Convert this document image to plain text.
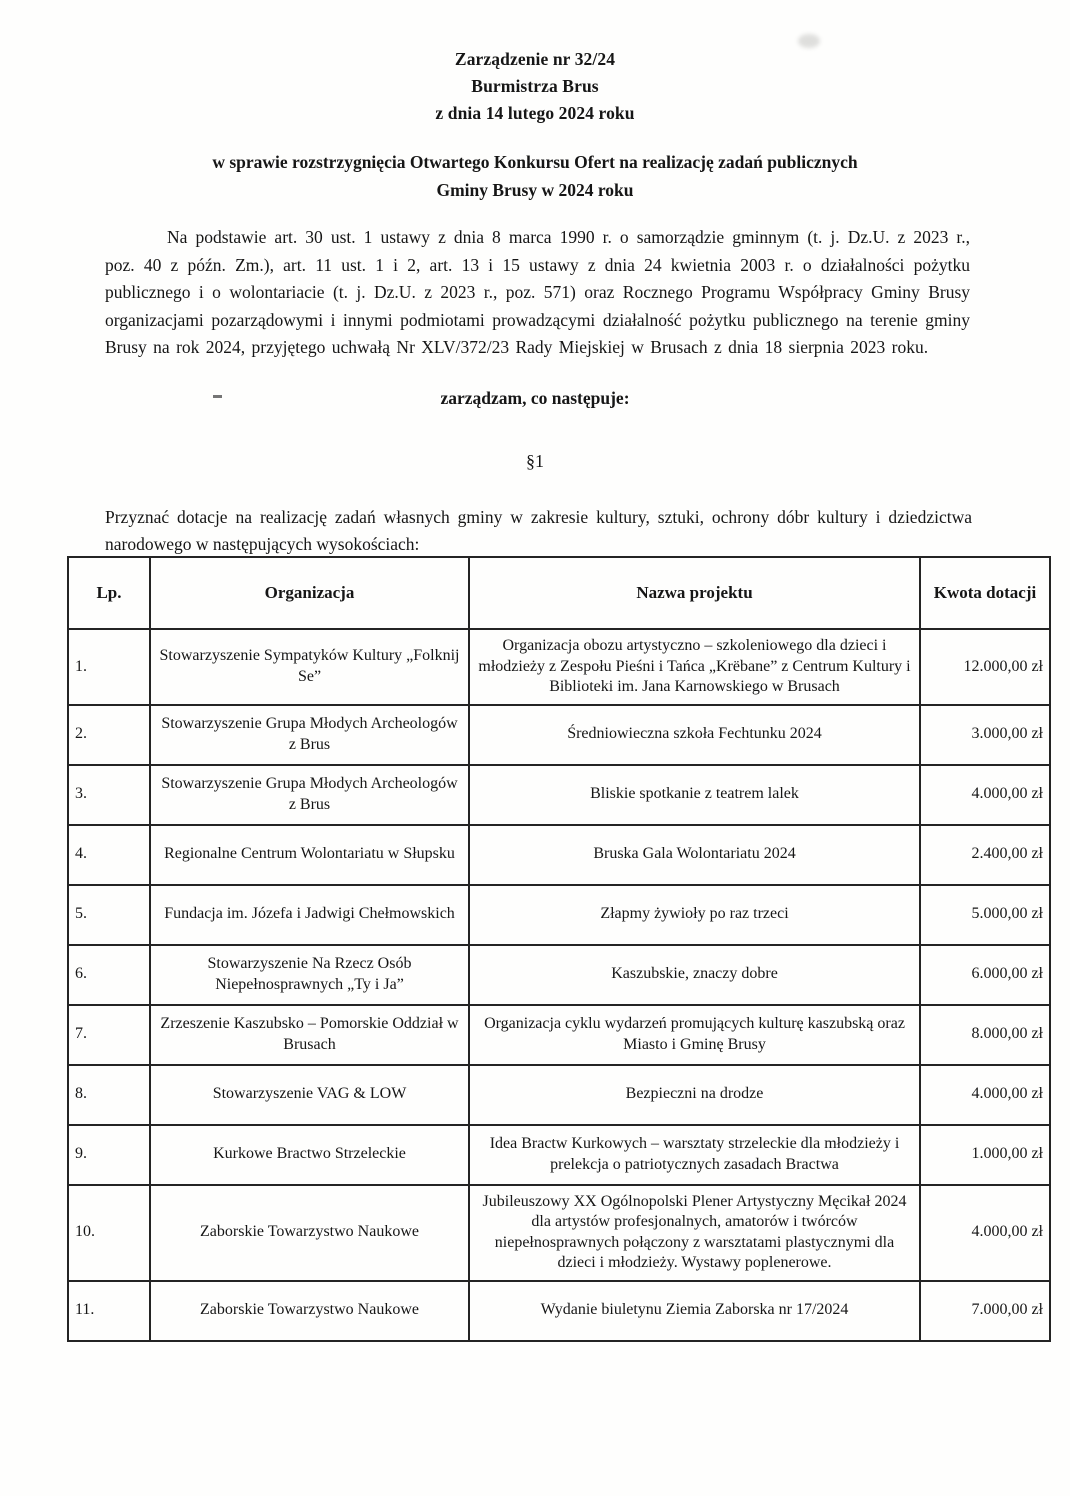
Zarządzenie nr 32/24
Burmistrza Brus
z dnia 14 lutego 2024 roku
w sprawie rozstrzygnięcia Otwartego Konkursu Ofert na realizację zadań publicznych
Gminy Brusy w 2024 roku

Na podstawie art. 30 ust. 1 ustawy z dnia 8 marca 1990 r. o samorządzie gminnym (t. j. Dz.U. z 2023 r., poz. 40 z późn. Zm.), art. 11 ust. 1 i 2, art. 13 i 15 ustawy z dnia 24 kwietnia 2003 r. o działalności pożytku publicznego i o wolontariacie (t. j. Dz.U. z 2023 r., poz. 571) oraz Rocznego Programu Współpracy Gminy Brusy organizacjami pozarządowymi i innymi podmiotami prowadzącymi działalność pożytku publicznego na terenie gminy Brusy na rok 2024, przyjętego uchwałą Nr XLV/372/23 Rady Miejskiej w Brusach z dnia 18 sierpnia 2023 roku.

zarządzam, co następuje:
§1

Przyznać dotacje na realizację zadań własnych gminy w zakresie kultury, sztuki, ochrony dóbr kultury i dziedzictwa narodowego w następujących wysokościach:

Lp.	Organizacja	Nazwa projektu	Kwota dotacji
1.	Stowarzyszenie Sympatyków Kultury „Folknij Se”	Organizacja obozu artystyczno – szkoleniowego dla dzieci i młodzieży z Zespołu Pieśni i Tańca „Krëbane” z Centrum Kultury i Biblioteki im. Jana Karnowskiego w Brusach	12.000,00 zł
2.	Stowarzyszenie Grupa Młodych Archeologów z Brus	Średniowieczna szkoła Fechtunku 2024	3.000,00 zł
3.	Stowarzyszenie Grupa Młodych Archeologów z Brus	Bliskie spotkanie z teatrem lalek	4.000,00 zł
4.	Regionalne Centrum Wolontariatu w Słupsku	Bruska Gala Wolontariatu 2024	2.400,00 zł
5.	Fundacja im. Józefa i Jadwigi Chełmowskich	Złapmy żywioły po raz trzeci	5.000,00 zł
6.	Stowarzyszenie Na Rzecz Osób Niepełnosprawnych „Ty i Ja”	Kaszubskie, znaczy dobre	6.000,00 zł
7.	Zrzeszenie Kaszubsko – Pomorskie Oddział w Brusach	Organizacja cyklu wydarzeń promujących kulturę kaszubską oraz Miasto i Gminę Brusy	8.000,00 zł
8.	Stowarzyszenie VAG & LOW	Bezpieczni na drodze	4.000,00 zł
9.	Kurkowe Bractwo Strzeleckie	Idea Bractw Kurkowych – warsztaty strzeleckie dla młodzieży i prelekcja o patriotycznych zasadach Bractwa	1.000,00 zł
10.	Zaborskie Towarzystwo Naukowe	Jubileuszowy XX Ogólnopolski Plener Artystyczny Męcikał 2024 dla artystów profesjonalnych, amatorów i twórców niepełnosprawnych połączony z warsztatami plastycznymi dla dzieci i młodzieży. Wystawy poplenerowe.	4.000,00 zł
11.	Zaborskie Towarzystwo Naukowe	Wydanie biuletynu Ziemia Zaborska nr 17/2024	7.000,00 zł
